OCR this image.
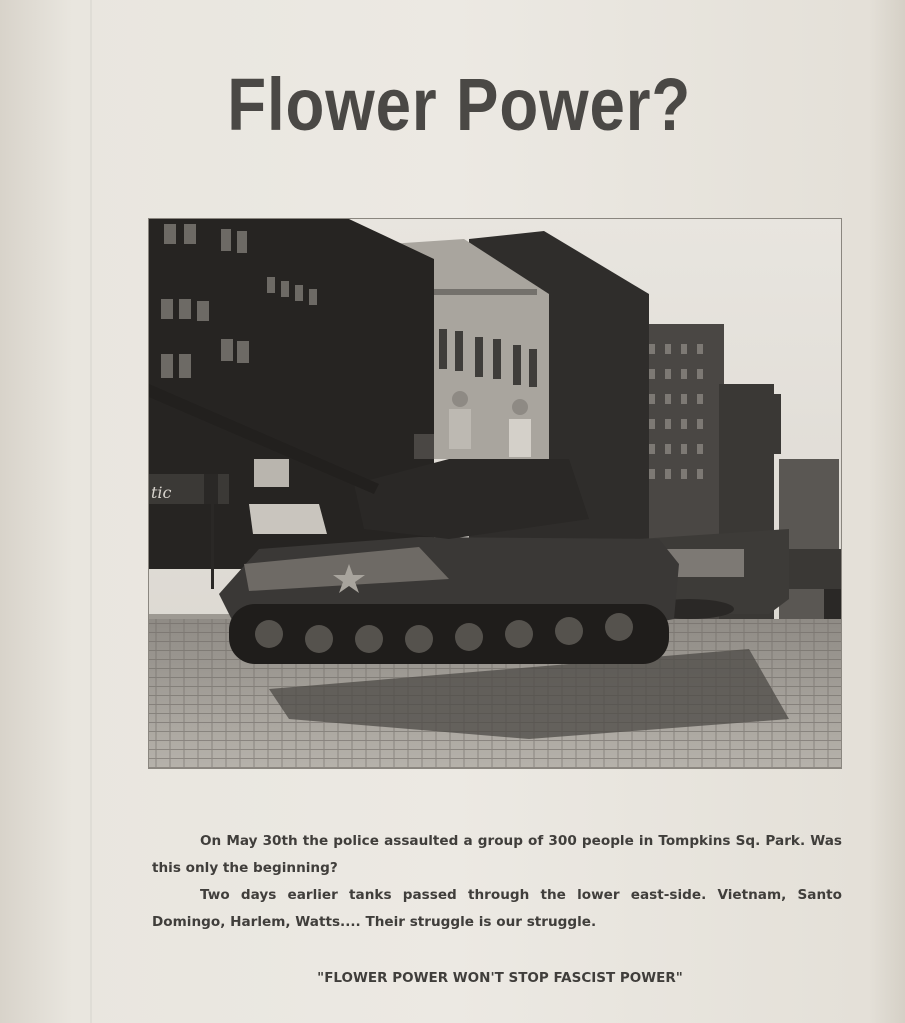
Flower Power?
tic

On May 30th the police assaulted a group of 300 people in Tompkins Sq. Park. Was this only the beginning?

Two days earlier tanks passed through the lower east-side. Vietnam, Santo Domingo, Harlem, Watts.... Their struggle is our struggle.

"FLOWER POWER WON'T STOP FASCIST POWER"
